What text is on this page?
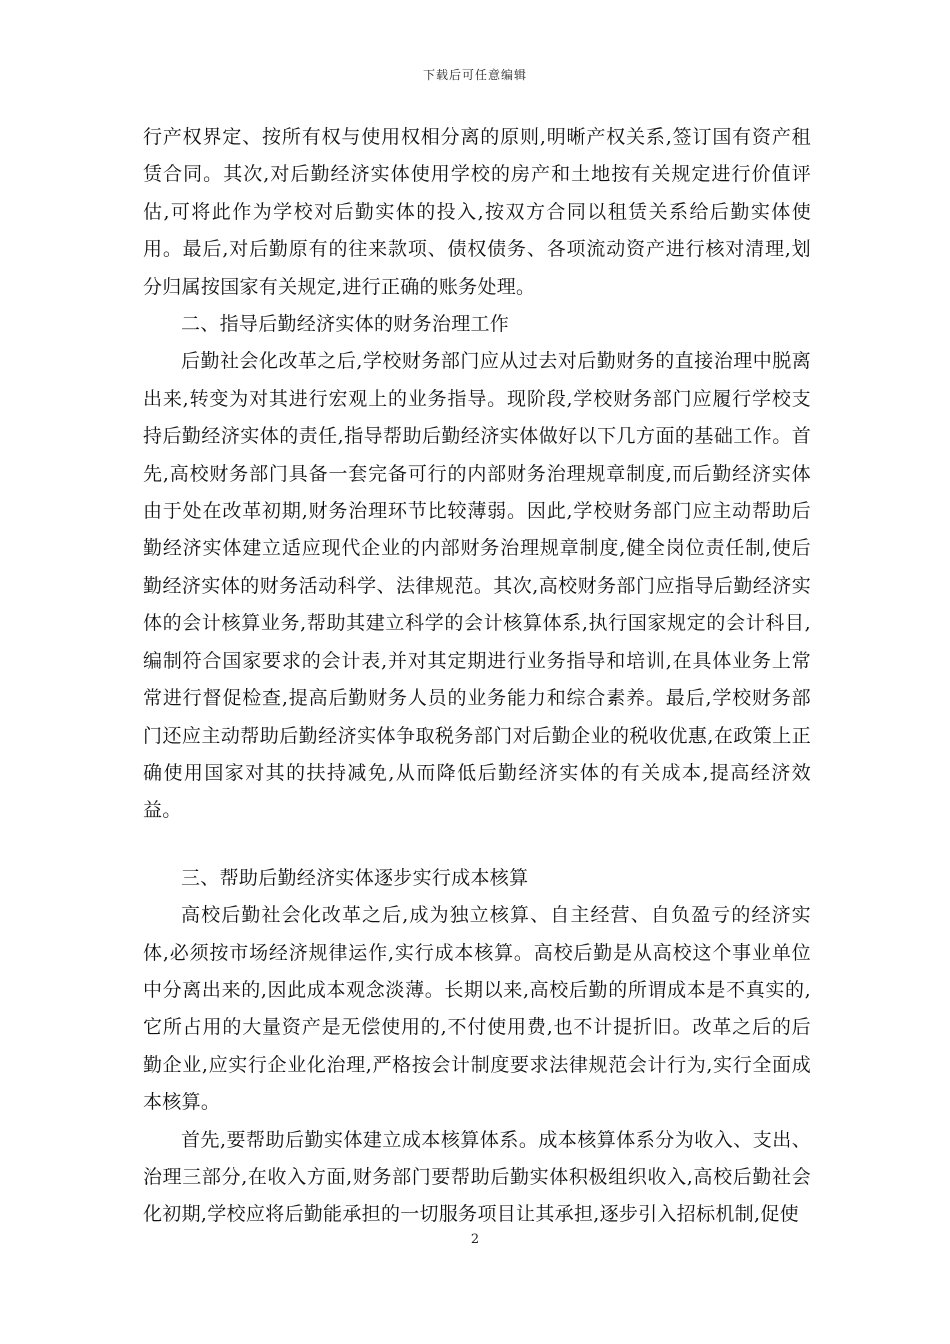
下载后可任意编辑

行产权界定、按所有权与使用权相分离的原则,明晰产权关系,签订国有资产租赁合同。其次,对后勤经济实体使用学校的房产和土地按有关规定进行价值评估,可将此作为学校对后勤实体的投入,按双方合同以租赁关系给后勤实体使用。最后,对后勤原有的往来款项、债权债务、各项流动资产进行核对清理,划分归属按国家有关规定,进行正确的账务处理。

二、指导后勤经济实体的财务治理工作

后勤社会化改革之后,学校财务部门应从过去对后勤财务的直接治理中脱离出来,转变为对其进行宏观上的业务指导。现阶段,学校财务部门应履行学校支持后勤经济实体的责任,指导帮助后勤经济实体做好以下几方面的基础工作。首先,高校财务部门具备一套完备可行的内部财务治理规章制度,而后勤经济实体由于处在改革初期,财务治理环节比较薄弱。因此,学校财务部门应主动帮助后勤经济实体建立适应现代企业的内部财务治理规章制度,健全岗位责任制,使后勤经济实体的财务活动科学、法律规范。其次,高校财务部门应指导后勤经济实体的会计核算业务,帮助其建立科学的会计核算体系,执行国家规定的会计科目,编制符合国家要求的会计表,并对其定期进行业务指导和培训,在具体业务上常常进行督促检查,提高后勤财务人员的业务能力和综合素养。最后,学校财务部门还应主动帮助后勤经济实体争取税务部门对后勤企业的税收优惠,在政策上正确使用国家对其的扶持减免,从而降低后勤经济实体的有关成本,提高经济效益。

三、帮助后勤经济实体逐步实行成本核算

高校后勤社会化改革之后,成为独立核算、自主经营、自负盈亏的经济实体,必须按市场经济规律运作,实行成本核算。高校后勤是从高校这个事业单位中分离出来的,因此成本观念淡薄。长期以来,高校后勤的所谓成本是不真实的,它所占用的大量资产是无偿使用的,不付使用费,也不计提折旧。改革之后的后勤企业,应实行企业化治理,严格按会计制度要求法律规范会计行为,实行全面成本核算。

首先,要帮助后勤实体建立成本核算体系。成本核算体系分为收入、支出、治理三部分,在收入方面,财务部门要帮助后勤实体积极组织收入,高校后勤社会化初期,学校应将后勤能承担的一切服务项目让其承担,逐步引入招标机制,促使

2
